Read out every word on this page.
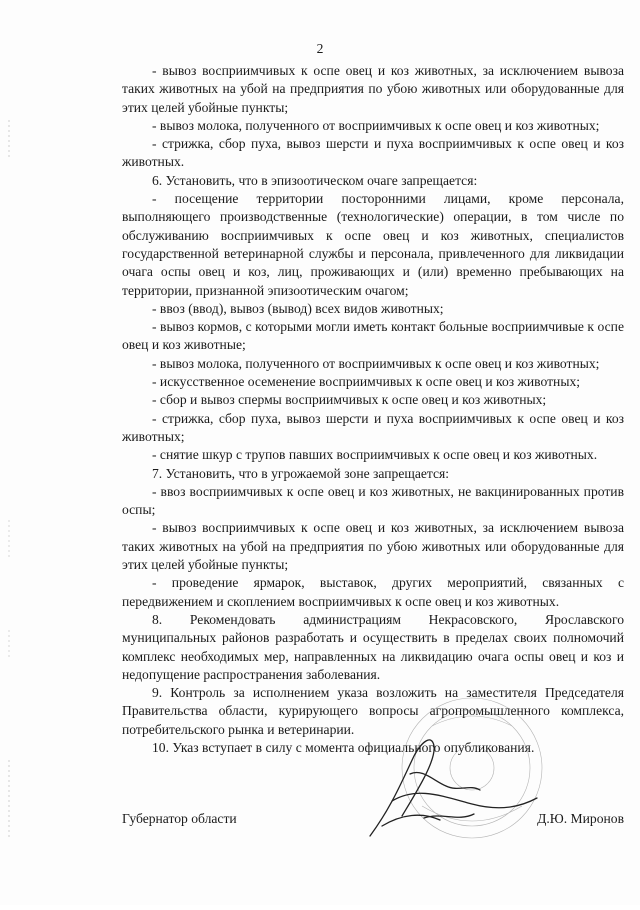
2

- вывоз восприимчивых к оспе овец и коз животных, за исключением вывоза таких животных на убой на предприятия по убою животных или оборудованные для этих целей убойные пункты;

- вывоз молока, полученного от восприимчивых к оспе овец и коз животных;

- стрижка, сбор пуха, вывоз шерсти и пуха восприимчивых к оспе овец и коз животных.

6. Установить, что в эпизоотическом очаге запрещается:

- посещение территории посторонними лицами, кроме персонала, выполняющего производственные (технологические) операции, в том числе по обслуживанию восприимчивых к оспе овец и коз животных, специалистов государственной ветеринарной службы и персонала, привлеченного для ликвидации очага оспы овец и коз, лиц, проживающих и (или) временно пребывающих на территории, признанной эпизоотическим очагом;

- ввоз (ввод), вывоз (вывод) всех видов животных;

- вывоз кормов, с которыми могли иметь контакт больные восприимчивые к оспе овец и коз животные;

- вывоз молока, полученного от восприимчивых к оспе овец и коз животных;

- искусственное осеменение восприимчивых к оспе овец и коз животных;

- сбор и вывоз спермы восприимчивых к оспе овец и коз животных;

- стрижка, сбор пуха, вывоз шерсти и пуха восприимчивых к оспе овец и коз животных;

- снятие шкур с трупов павших восприимчивых к оспе овец и коз животных.

7. Установить, что в угрожаемой зоне запрещается:

- ввоз восприимчивых к оспе овец и коз животных, не вакцинированных против оспы;

- вывоз восприимчивых к оспе овец и коз животных, за исключением вывоза таких животных на убой на предприятия по убою животных или оборудованные для этих целей убойные пункты;

- проведение ярмарок, выставок, других мероприятий, связанных с передвижением и скоплением восприимчивых к оспе овец и коз животных.

8. Рекомендовать администрациям Некрасовского, Ярославского муниципальных районов разработать и осуществить в пределах своих полномочий комплекс необходимых мер, направленных на ликвидацию очага оспы овец и коз и недопущение распространения заболевания.

9. Контроль за исполнением указа возложить на заместителя Председателя Правительства области, курирующего вопросы агропромышленного комплекса, потребительского рынка и ветеринарии.

10. Указ вступает в силу с момента официального опубликования.

Губернатор области	Д.Ю. Миронов
